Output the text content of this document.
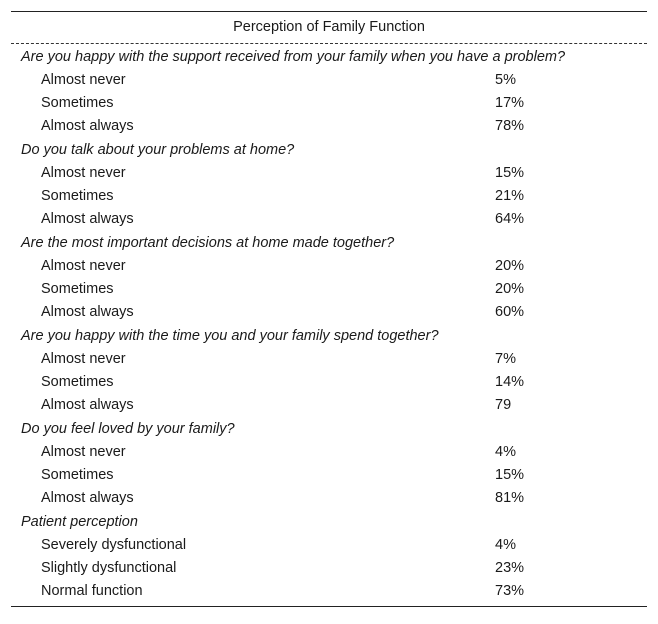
Perception of Family Function
Are you happy with the support received from your family when you have a problem?
Almost never	5%
Sometimes	17%
Almost always	78%
Do you talk about your problems at home?
Almost never	15%
Sometimes	21%
Almost always	64%
Are the most important decisions at home made together?
Almost never	20%
Sometimes	20%
Almost always	60%
Are you happy with the time you and your family spend together?
Almost never	7%
Sometimes	14%
Almost always	79
Do you feel loved by your family?
Almost never	4%
Sometimes	15%
Almost always	81%
Patient perception
Severely dysfunctional	4%
Slightly dysfunctional	23%
Normal function	73%
